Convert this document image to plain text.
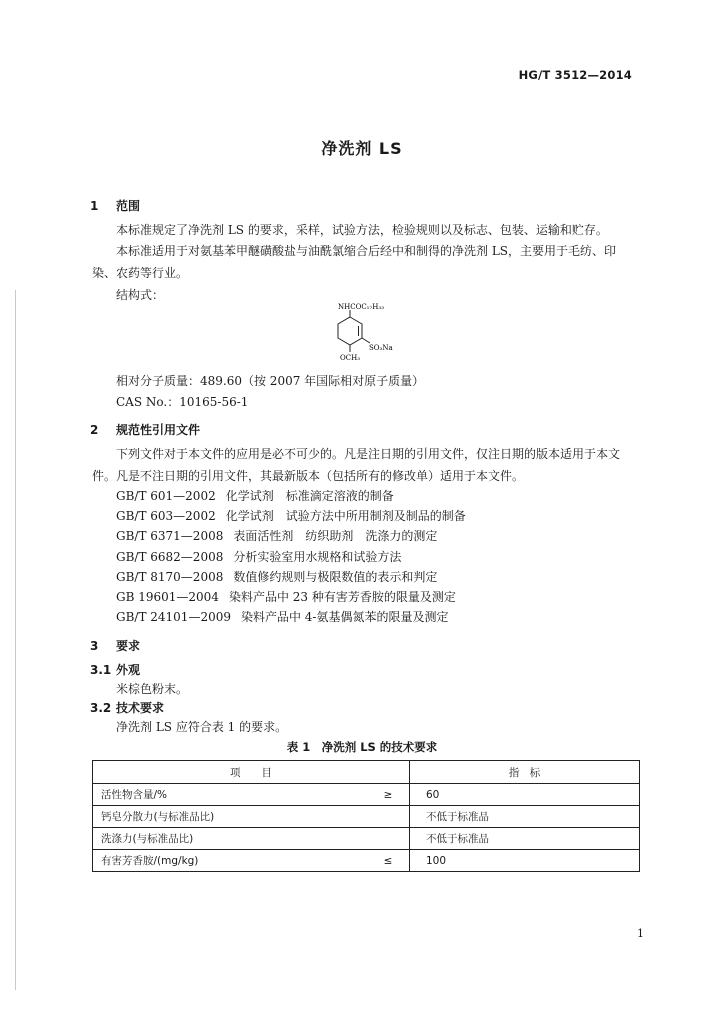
HG/T 3512—2014
净洗剂 LS
1 范围
本标准规定了净洗剂 LS 的要求，采样，试验方法，检验规则以及标志、包装、运输和贮存。
本标准适用于对氨基苯甲醚磺酸盐与油酰氯缩合后经中和制得的净洗剂 LS，主要用于毛纺、印
染、农药等行业。
结构式：
NHCOC₁₇H₃₃
SO₃Na
OCH₃
相对分子质量：489.60（按 2007 年国际相对原子质量）
CAS No.：10165-56-1
2 规范性引用文件
下列文件对于本文件的应用是必不可少的。凡是注日期的引用文件，仅注日期的版本适用于本文
件。凡是不注日期的引用文件，其最新版本（包括所有的修改单）适用于本文件。
GB/T 601—2002 化学试剂　标准滴定溶液的制备
GB/T 603—2002 化学试剂　试验方法中所用制剂及制品的制备
GB/T 6371—2008 表面活性剂　纺织助剂　洗涤力的测定
GB/T 6682—2008 分析实验室用水规格和试验方法
GB/T 8170—2008 数值修约规则与极限数值的表示和判定
GB 19601—2004 染料产品中 23 种有害芳香胺的限量及测定
GB/T 24101—2009 染料产品中 4-氨基偶氮苯的限量及测定
3 要求
3.1 外观
米棕色粉末。
3.2 技术要求
净洗剂 LS 应符合表 1 的要求。
表 1　净洗剂 LS 的技术要求
项　　目		指　标
活性物含量/%	≥	60
钙皂分散力(与标准品比)		不低于标准品
洗涤力(与标准品比)		不低于标准品
有害芳香胺/(mg/kg)	≤	100
1
